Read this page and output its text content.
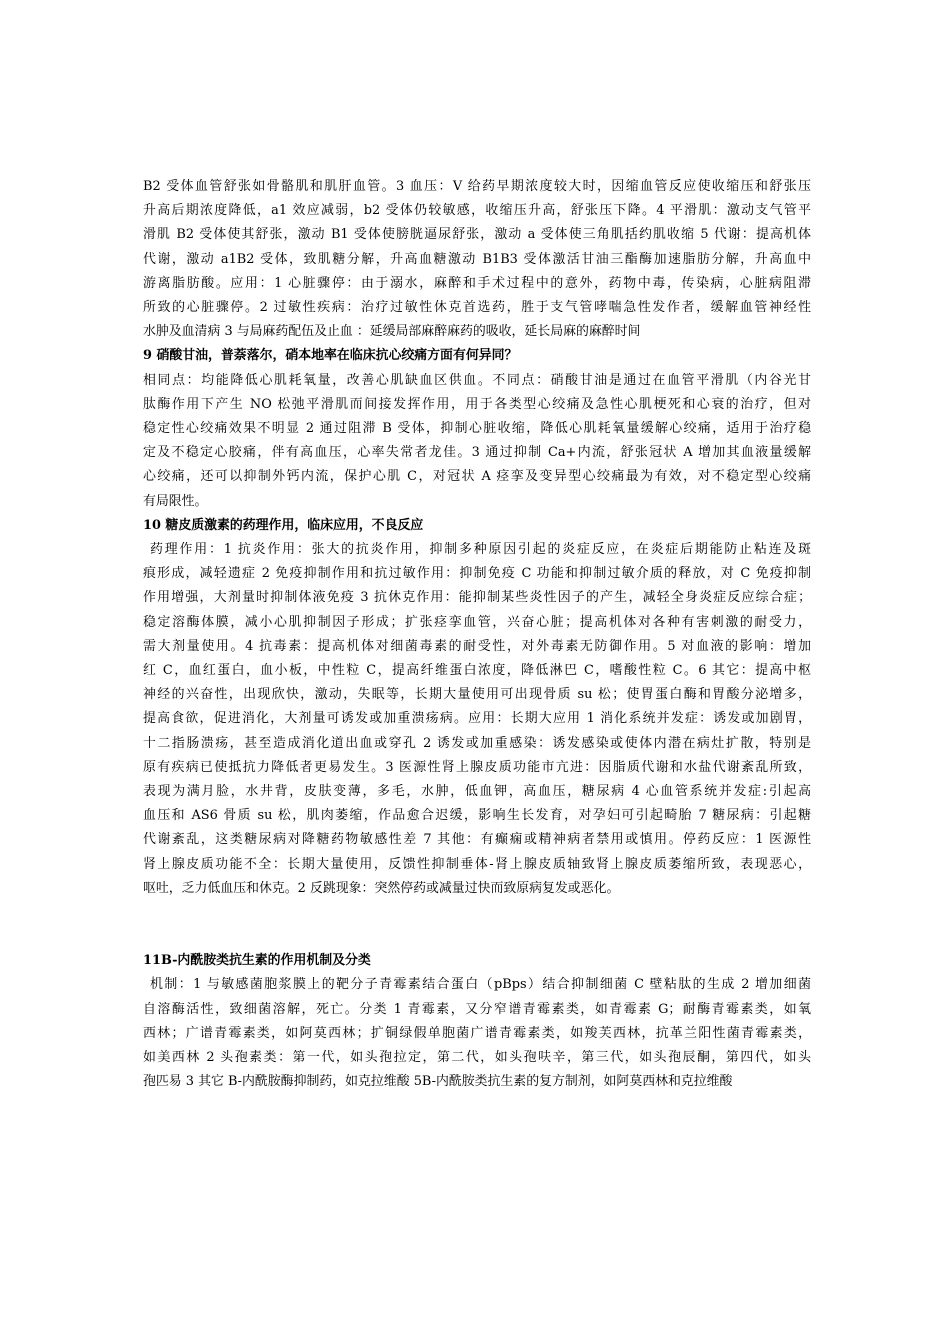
B2 受体血管舒张如骨骼肌和肌肝血管。3 血压：V 给药早期浓度较大时，因缩血管反应使收缩压和舒张压

升高后期浓度降低，a1 效应减弱，b2 受体仍较敏感，收缩压升高，舒张压下降。4 平滑肌：激动支气管平

滑肌 B2 受体使其舒张，激动 B1 受体使膀胱逼尿舒张，激动 a 受体使三角肌括约肌收缩 5 代谢：提高机体

代谢，激动 a1B2 受体，致肌糖分解，升高血糖激动 B1B3 受体激活甘油三酯酶加速脂肪分解，升高血中

游离脂肪酸。应用：1 心脏骤停：由于溺水，麻醉和手术过程中的意外，药物中毒，传染病，心脏病阻滞

所致的心脏骤停。2 过敏性疾病：治疗过敏性休克首选药，胜于支气管哮喘急性发作者，缓解血管神经性

水肿及血清病 3 与局麻药配伍及止血 ：延缓局部麻醉麻药的吸收，延长局麻的麻醉时间

9 硝酸甘油，普萘落尔，硝本地率在临床抗心绞痛方面有何异同？

相同点：均能降低心肌耗氧量，改善心肌缺血区供血。不同点：硝酸甘油是通过在血管平滑肌（内谷光甘

肽酶作用下产生 NO 松弛平滑肌而间接发挥作用，用于各类型心绞痛及急性心肌梗死和心衰的治疗，但对

稳定性心绞痛效果不明显 2 通过阻滞 B 受体，抑制心脏收缩，降低心肌耗氧量缓解心绞痛，适用于治疗稳

定及不稳定心胶痛，伴有高血压，心率失常者龙佳。3 通过抑制 Ca+内流，舒张冠状 A 增加其血液量缓解

心绞痛，还可以抑制外钙内流，保护心肌 C，对冠状 A 痉挛及变异型心绞痛最为有效，对不稳定型心绞痛

有局限性。

10 糖皮质激素的药理作用，临床应用，不良反应

药理作用：1 抗炎作用：张大的抗炎作用，抑制多种原因引起的炎症反应，在炎症后期能防止粘连及斑

痕形成，减轻遗症 2 免疫抑制作用和抗过敏作用：抑制免疫 C 功能和抑制过敏介质的释放，对 C 免疫抑制

作用增强，大剂量时抑制体液免疫 3 抗休克作用：能抑制某些炎性因子的产生，减轻全身炎症反应综合症；

稳定溶酶体膜，减小心肌抑制因子形成；扩张痉挛血管，兴奋心脏；提高机体对各种有害刺激的耐受力，

需大剂量使用。4 抗毒素：提高机体对细菌毒素的耐受性，对外毒素无防御作用。5 对血液的影响：增加

红 C，血红蛋白，血小板，中性粒 C，提高纤维蛋白浓度，降低淋巴 C，嗜酸性粒 C。6 其它：提高中枢

神经的兴奋性，出现欣快，激动，失眠等，长期大量使用可出现骨质 su 松；使胃蛋白酶和胃酸分泌增多，

提高食欲，促进消化，大剂量可诱发或加重溃疡病。应用：长期大应用 1 消化系统并发症：诱发或加剧胃，

十二指肠溃疡，甚至造成消化道出血或穿孔 2 诱发或加重感染：诱发感染或使体内潜在病灶扩散，特别是

原有疾病已使抵抗力降低者更易发生。3 医源性肾上腺皮质功能市亢进：因脂质代谢和水盐代谢紊乱所致，

表现为满月脸，水井背，皮肤变薄，多毛，水肿，低血钾，高血压，糖尿病 4 心血管系统并发症:引起高

血压和 AS6 骨质 su 松，肌肉萎缩，作品愈合迟缓，影响生长发育，对孕妇可引起畸胎 7 糖尿病：引起糖

代谢紊乱，这类糖尿病对降糖药物敏感性差 7 其他：有癫痫或精神病者禁用或慎用。停药反应：1 医源性

肾上腺皮质功能不全：长期大量使用，反馈性抑制垂体-肾上腺皮质轴致肾上腺皮质萎缩所致，表现恶心，

呕吐，乏力低血压和休克。2 反跳现象：突然停药或减量过快而致原病复发或恶化。

11B-内酰胺类抗生素的作用机制及分类

机制：1 与敏感菌胞浆膜上的靶分子青霉素结合蛋白（pBps）结合抑制细菌 C 壁粘肽的生成 2 增加细菌

自溶酶活性，致细菌溶解，死亡。分类 1 青霉素，又分窄谱青霉素类，如青霉素 G；耐酶青霉素类，如氧

西林；广谱青霉素类，如阿莫西林；扩铜绿假单胞菌广谱青霉素类，如羧芙西林，抗革兰阳性菌青霉素类，

如美西林 2 头孢素类：第一代，如头孢拉定，第二代，如头孢呋辛，第三代，如头孢辰酮，第四代，如头

孢匹易 3 其它 B-内酰胺酶抑制药，如克拉维酸 5B-内酰胺类抗生素的复方制剂，如阿莫西林和克拉维酸
